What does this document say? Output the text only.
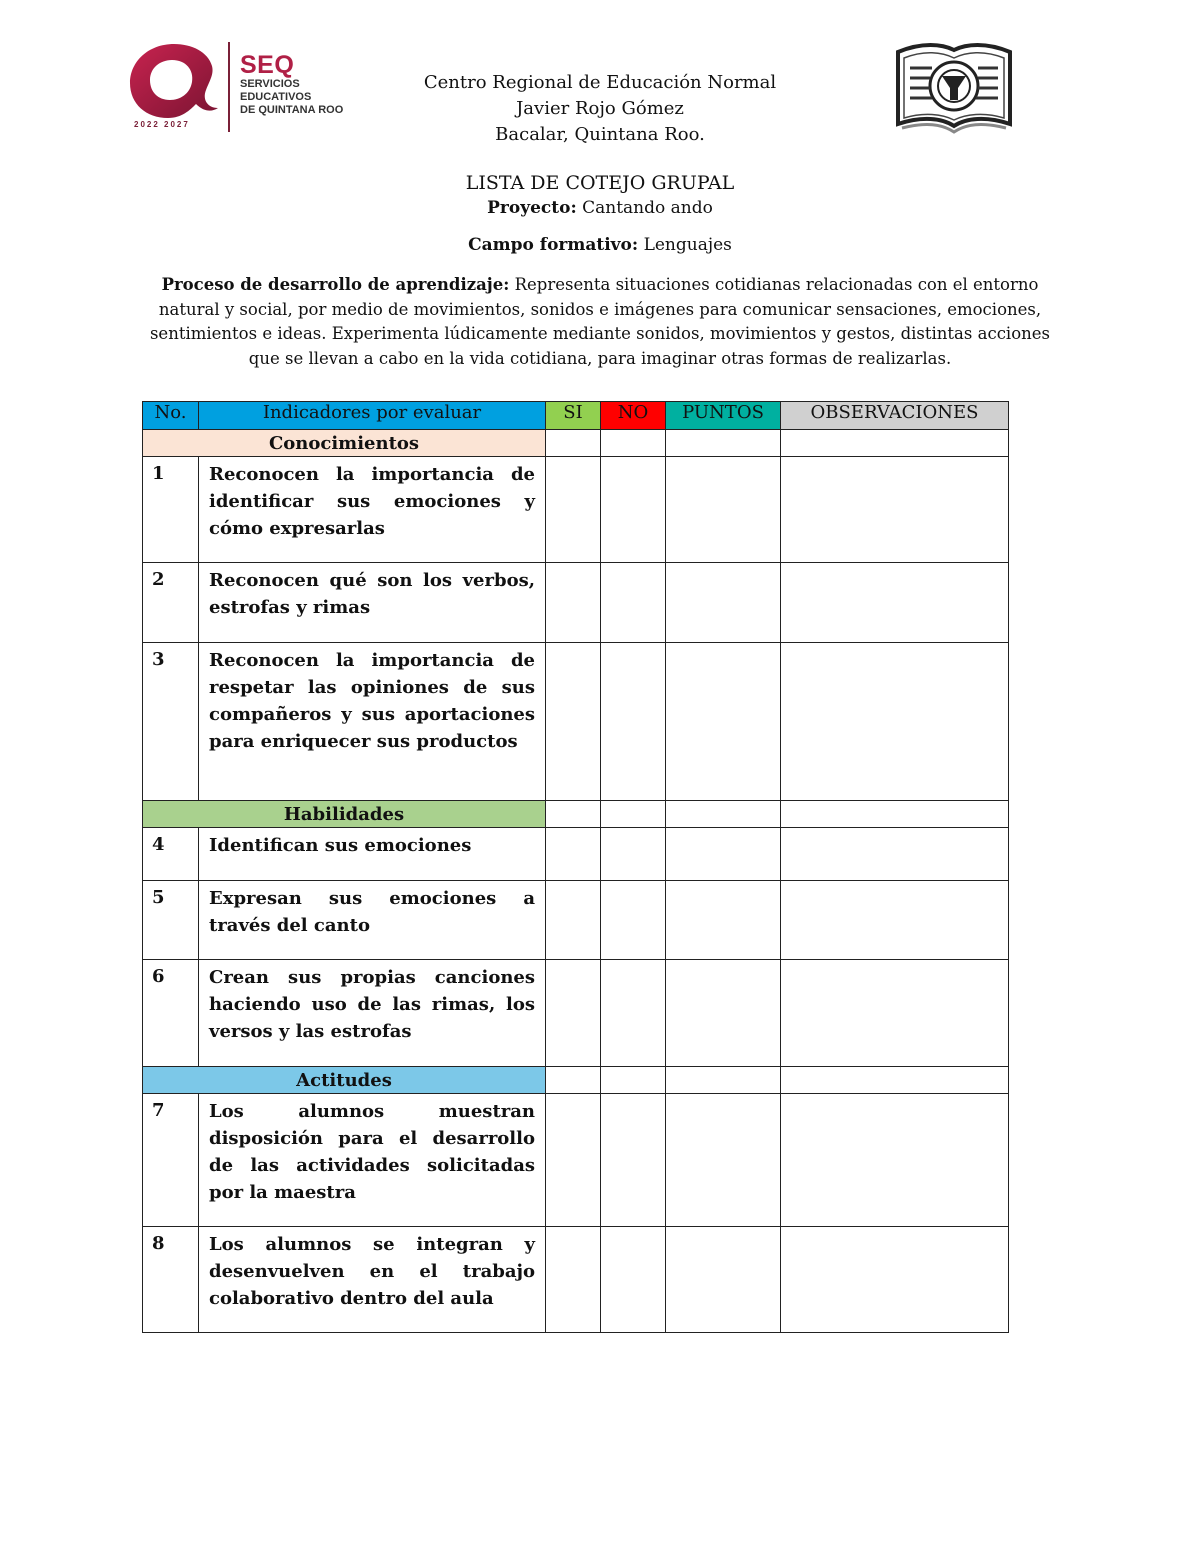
SEQ
SERVICIOS
EDUCATIVOS
DE QUINTANA ROO
2022 2027
Centro Regional de Educación Normal
Javier Rojo Gómez
Bacalar, Quintana Roo.
LISTA DE COTEJO GRUPAL
Proyecto: Cantando ando
Campo formativo: Lenguajes
Proceso de desarrollo de aprendizaje: Representa situaciones cotidianas relacionadas con el entorno natural y social, por medio de movimientos, sonidos e imágenes para comunicar sensaciones, emociones, sentimientos e ideas. Experimenta lúdicamente mediante sonidos, movimientos y gestos, distintas acciones que se llevan a cabo en la vida cotidiana, para imaginar otras formas de realizarlas.
No.	Indicadores por evaluar	SI	NO	PUNTOS	OBSERVACIONES
Conocimientos					
1	Reconocen la importancia de identificar sus emociones y cómo expresarlas				
2	Reconocen qué son los verbos, estrofas y rimas				
3	Reconocen la importancia de respetar las opiniones de sus compañeros y sus aportaciones para enriquecer sus productos				
Habilidades					
4	Identifican sus emociones				
5	Expresan sus emociones a través del canto				
6	Crean sus propias canciones haciendo uso de las rimas, los versos y las estrofas				
Actitudes					
7	Los alumnos muestran disposición para el desarrollo de las actividades solicitadas por la maestra				
8	Los alumnos se integran y desenvuelven en el trabajo colaborativo dentro del aula				
